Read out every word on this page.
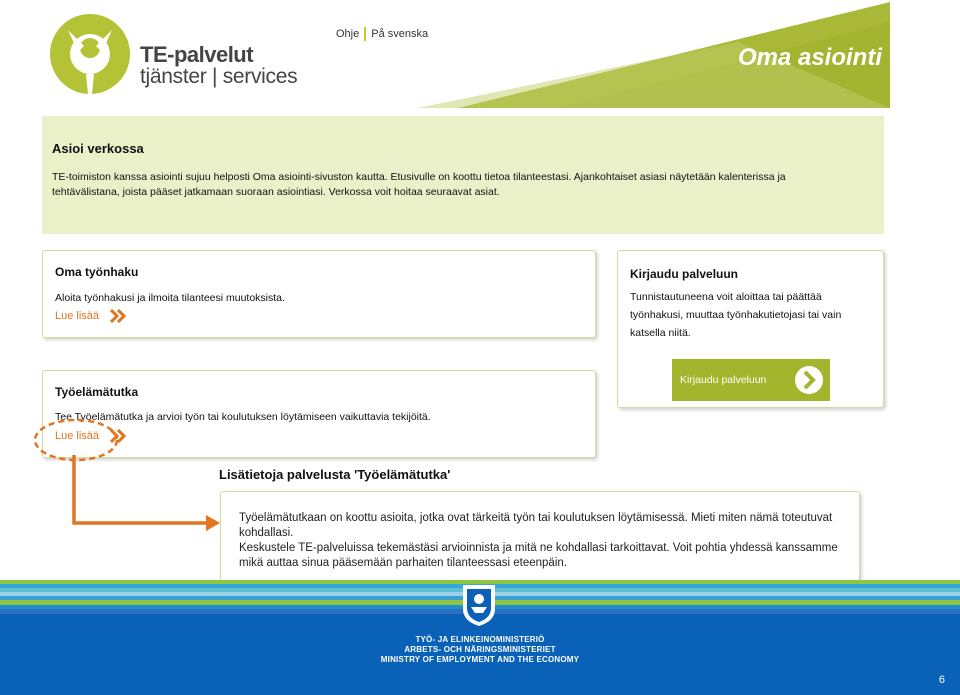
TE-palvelut
tjänster | services
Ohje På svenska
Oma asiointi
Asioi verkossa
TE-toimiston kanssa asiointi sujuu helposti Oma asiointi-sivuston kautta. Etusivulle on koottu tietoa tilanteestasi. Ajankohtaiset asiasi näytetään kalenterissa ja tehtävälistana, joista pääset jatkamaan suoraan asiointiasi. Verkossa voit hoitaa seuraavat asiat.
Oma työnhaku
Aloita työnhakusi ja ilmoita tilanteesi muutoksista.
Lue lisää
Työelämätutka
Tee Työelämätutka ja arvioi työn tai koulutuksen löytämiseen vaikuttavia tekijöitä.
Lue lisää
Kirjaudu palveluun
Tunnistautuneena voit aloittaa tai päättää työnhakusi, muuttaa työnhakutietojasi tai vain katsella niitä.
Kirjaudu palveluun
Lisätietoja palvelusta 'Työelämätutka'
Työelämätutkaan on koottu asioita, jotka ovat tärkeitä työn tai koulutuksen löytämisessä. Mieti miten nämä toteutuvat kohdallasi.
Keskustele TE-palveluissa tekemästäsi arvioinnista ja mitä ne kohdallasi tarkoittavat. Voit pohtia yhdessä kanssamme mikä auttaa sinua pääsemään parhaiten tilanteessasi eteenpäin.
TYÖ- JA ELINKEINOMINISTERIÖ
ARBETS- OCH NÄRINGSMINISTERIET
MINISTRY OF EMPLOYMENT AND THE ECONOMY
6
